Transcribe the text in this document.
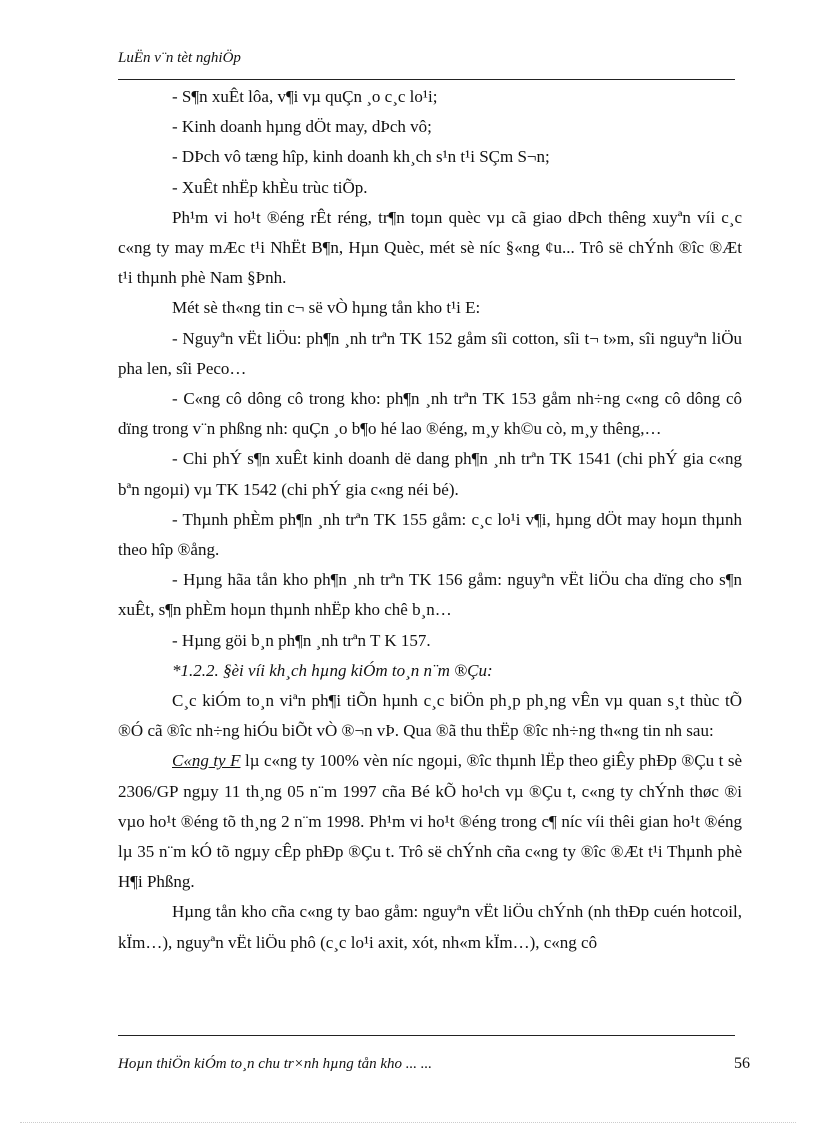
LuËn v¨n tèt nghiÖp

- S¶n xuÊt lôa, v¶i vµ quÇn ¸o c¸c lo¹i;

- Kinh doanh hµng dÖt may, dÞch vô;

- DÞch vô tæng hîp, kinh doanh kh¸ch s¹n t¹i SÇm S¬n;

- XuÊt nhËp khÈu trùc tiÕp.

Ph¹m vi ho¹t ®éng rÊt réng, tr¶n toµn quèc vµ cã giao dÞch thêng xuyªn víi c¸c c«ng ty may mÆc t¹i NhËt B¶n, Hµn Quèc, mét sè níc §«ng ¢u... Trô së chÝnh ®îc ®Æt t¹i thµnh phè Nam §Þnh.

Mét sè th«ng tin c¬ së vÒ hµng tån kho t¹i E:

- Nguyªn vËt liÖu: ph¶n ¸nh trªn TK 152 gåm sîi cotton, sîi t¬ t»m, sîi nguyªn liÖu pha len, sîi Peco…

- C«ng cô dông cô trong kho: ph¶n ¸nh trªn TK 153 gåm nh÷ng c«ng cô dông cô dïng trong v¨n phßng nh: quÇn ¸o b¶o hé lao ®éng, m¸y kh©u cò, m¸y thêng,…

- Chi phÝ s¶n xuÊt kinh doanh dë dang ph¶n ¸nh trªn TK 1541 (chi phÝ gia c«ng bªn ngoµi) vµ TK 1542 (chi phÝ gia c«ng néi bé).

- Thµnh phÈm ph¶n ¸nh trªn TK 155 gåm: c¸c lo¹i v¶i, hµng dÖt may hoµn thµnh theo hîp ®ång.

- Hµng hãa tån kho ph¶n ¸nh trªn TK 156 gåm: nguyªn vËt liÖu cha dïng cho s¶n xuÊt, s¶n phÈm hoµn thµnh nhËp kho chê b¸n…

- Hµng göi b¸n ph¶n ¸nh trªn T K 157.

*1.2.2. §èi víi kh¸ch hµng kiÓm to¸n n¨m ®Çu:

C¸c kiÓm to¸n viªn ph¶i tiÕn hµnh c¸c biÖn ph¸p ph¸ng vÊn vµ quan s¸t thùc tÕ ®Ó cã ®îc nh÷ng hiÓu biÕt vÒ ®¬n vÞ. Qua ®ã thu thËp ®îc nh÷ng th«ng tin nh sau:

C«ng ty F lµ c«ng ty 100% vèn níc ngoµi, ®îc thµnh lËp theo giÊy phÐp ®Çu t sè 2306/GP ngµy 11 th¸ng 05 n¨m 1997 cña Bé kÕ ho¹ch vµ ®Çu t, c«ng ty chÝnh thøc ®i vµo ho¹t ®éng tõ th¸ng 2 n¨m 1998. Ph¹m vi ho¹t ®éng trong c¶ níc víi thêi gian ho¹t ®éng lµ 35 n¨m kÓ tõ ngµy cÊp phÐp ®Çu t. Trô së chÝnh cña c«ng ty ®îc ®Æt t¹i Thµnh phè H¶i Phßng.

Hµng tån kho cña c«ng ty bao gåm: nguyªn vËt liÖu chÝnh (nh thÐp cuén hotcoil, kÏm…), nguyªn vËt liÖu phô (c¸c lo¹i axit, xót, nh«m kÏm…), c«ng cô

Hoµn thiÖn kiÓm to¸n chu tr×nh hµng tån kho ... ...	56
